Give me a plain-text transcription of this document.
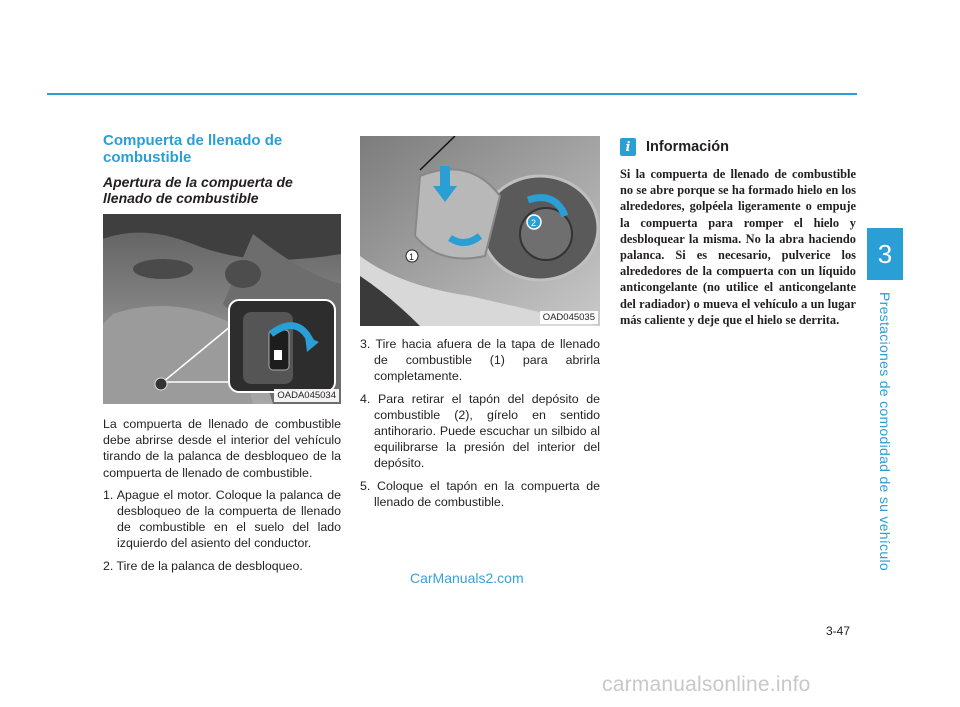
3
Prestaciones de comodidad de su vehículo
Compuerta de llenado de combustible
Apertura de la compuerta de llenado de combustible
OADA045034

La compuerta de llenado de combustible debe abrirse desde el interior del vehículo tirando de la palanca de desbloqueo de la compuerta de llenado de combustible.

1. Apague el motor. Coloque la palanca de desbloqueo de la compuerta de llenado de combustible en el suelo del lado izquierdo del asiento del conductor.
2. Tire de la palanca de desbloqueo.
1
2
OAD045035
3. Tire hacia afuera de la tapa de llenado de combustible (1) para abrirla completamente.
4. Para retirar el tapón del depósito de combustible (2), gírelo en sentido antihorario. Puede escuchar un silbido al equilibrarse la presión del interior del depósito.
5. Coloque el tapón en la compuerta de llenado de combustible.
i Información

Si la compuerta de llenado de combustible no se abre porque se ha formado hielo en los alrededores, golpéela ligeramente o empuje la compuerta para romper el hielo y desbloquear la misma. No la abra haciendo palanca. Si es necesario, pulverice los alrededores de la compuerta con un líquido anticongelante (no utilice el anticongelante del radiador) o mueva el vehículo a un lugar más caliente y deje que el hielo se derrita.

CarManuals2.com
3-47
carmanualsonline.info
